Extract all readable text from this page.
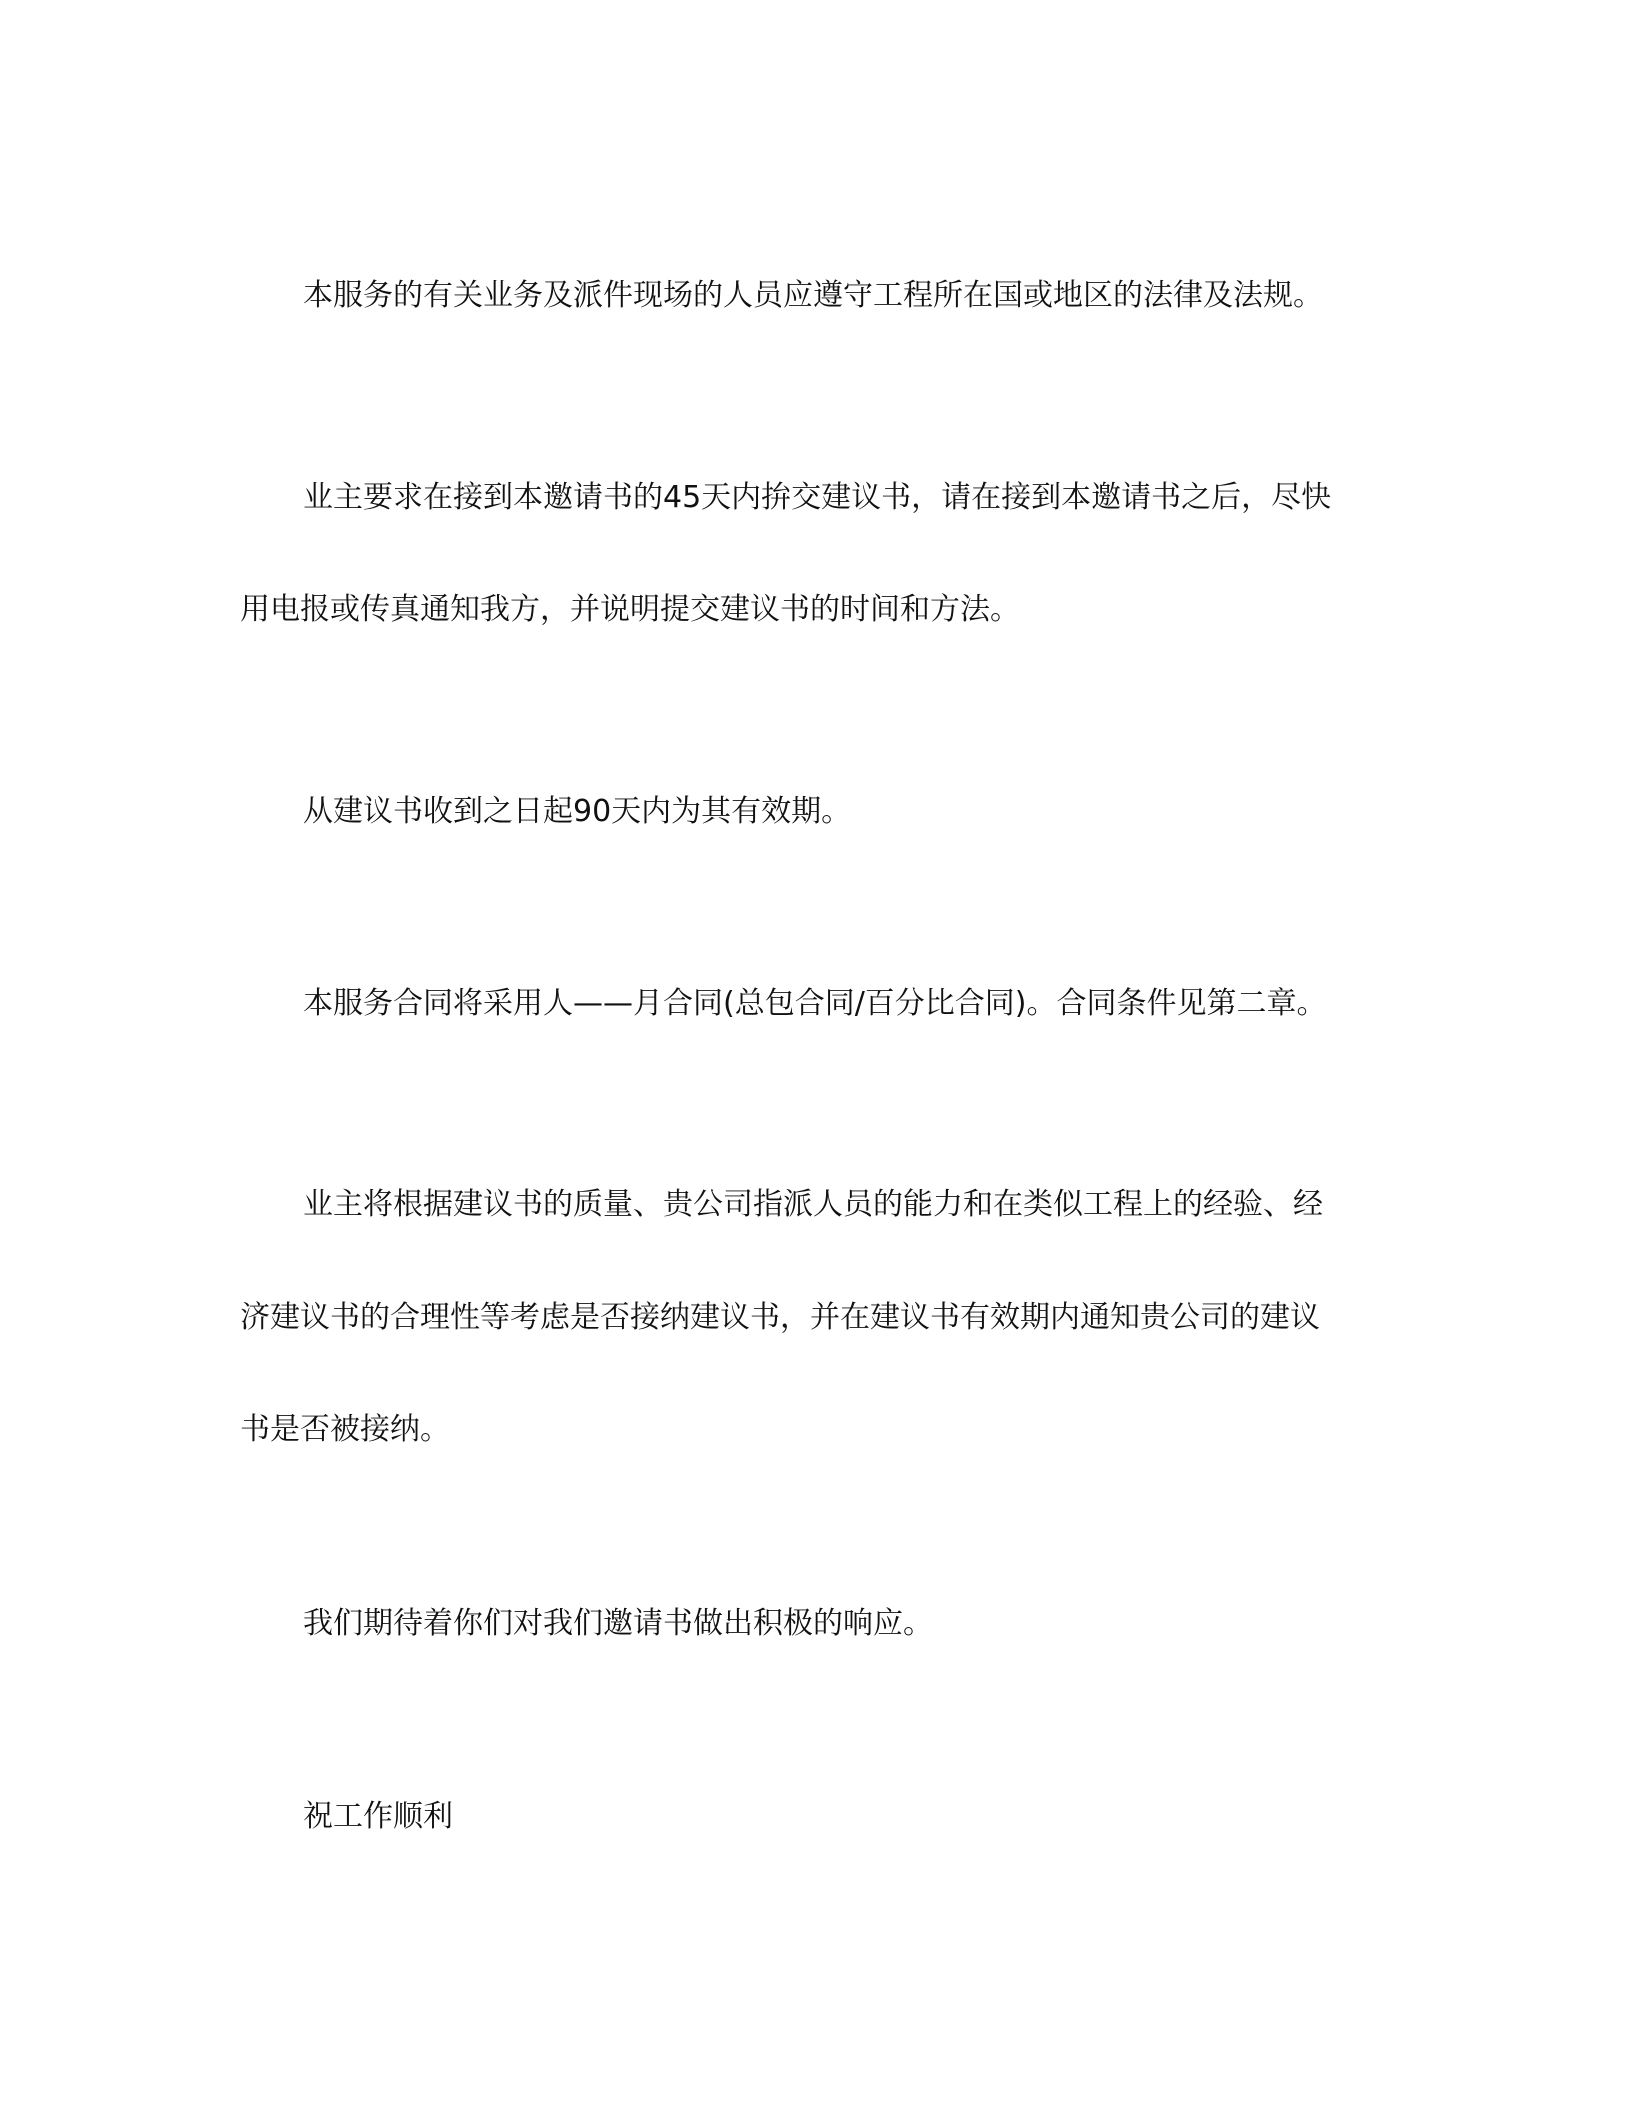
本服务的有关业务及派件现场的人员应遵守工程所在国或地区的法律及法规。
业主要求在接到本邀请书的45天内拚交建议书，请在接到本邀请书之后，尽快
用电报或传真通知我方，并说明提交建议书的时间和方法。
从建议书收到之日起90天内为其有效期。
本服务合同将采用人——月合同(总包合同/百分比合同)。合同条件见第二章。
业主将根据建议书的质量、贵公司指派人员的能力和在类似工程上的经验、经
济建议书的合理性等考虑是否接纳建议书，并在建议书有效期内通知贵公司的建议
书是否被接纳。
我们期待着你们对我们邀请书做出积极的响应。
祝工作顺利
